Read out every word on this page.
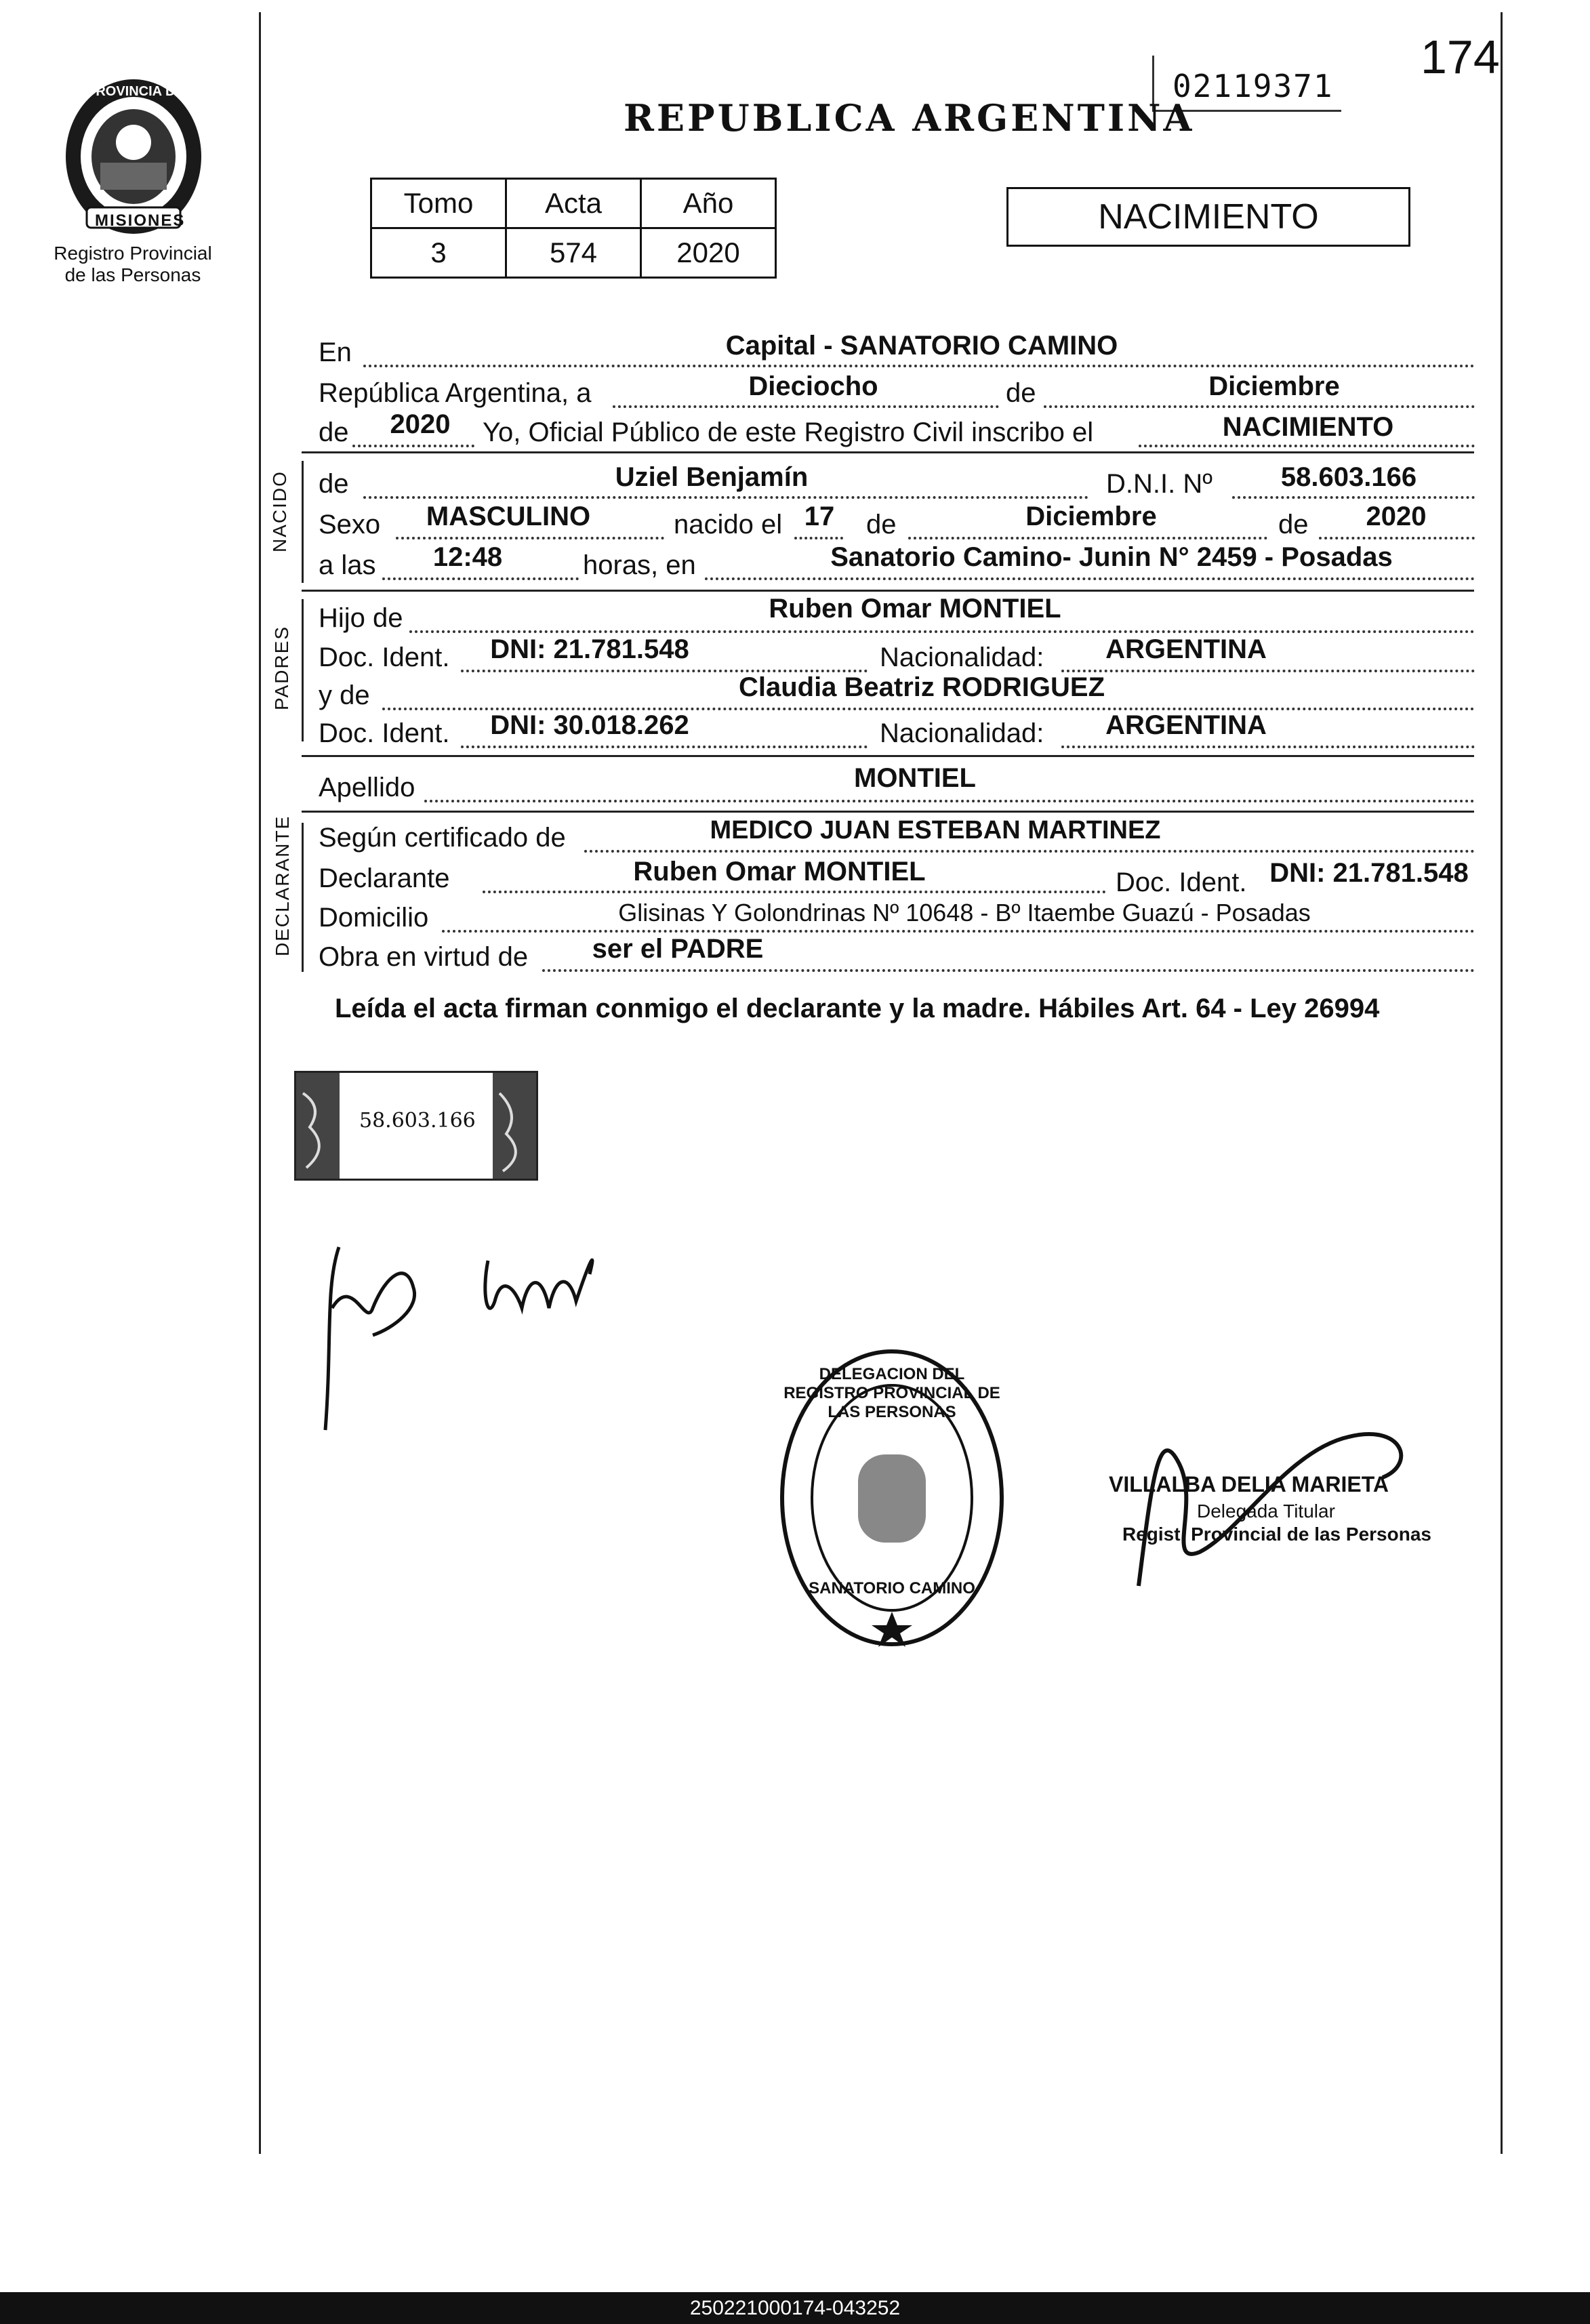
PROVINCIA DE
MISIONES
Registro Provincial
de las Personas
02119371
174
REPUBLICA ARGENTINA
Tomo	Acta	Año
3	574	2020
NACIMIENTO
En	Capital - SANATORIO CAMINO
República Argentina, a	Dieciocho	de	Diciembre
de	2020	Yo, Oficial Público de este Registro Civil inscribo el	NACIMIENTO
NACIDO de	Uziel Benjamín	D.N.I. Nº	58.603.166
Sexo	MASCULINO	nacido el 17	de	Diciembre	de	2020
a las	12:48	horas, en	Sanatorio Camino- Junin N° 2459 - Posadas
PADRES
Hijo de	Ruben Omar MONTIEL
Doc. Ident.	DNI: 21.781.548	Nacionalidad:	ARGENTINA
y de	Claudia Beatriz RODRIGUEZ
Doc. Ident.	DNI: 30.018.262	Nacionalidad:	ARGENTINA
Apellido	MONTIEL
DECLARANTE Según certificado de	MEDICO JUAN ESTEBAN MARTINEZ
Declarante	Ruben Omar MONTIEL	Doc. Ident. DNI: 21.781.548
Domicilio	Glisinas Y Golondrinas Nº 10648 - Bº Itaembe Guazú - Posadas
Obra en virtud de	ser el PADRE
Leída el acta firman conmigo el declarante y la madre. Hábiles Art. 64 - Ley 26994
58.603.166
DELEGACION DEL REGISTRO PROVINCIAL DE LAS PERSONAS
SANATORIO CAMINO
VILLALBA DELIA MARIETA
Delegada Titular
Regist. Provincial de las Personas
250221000174-043252
